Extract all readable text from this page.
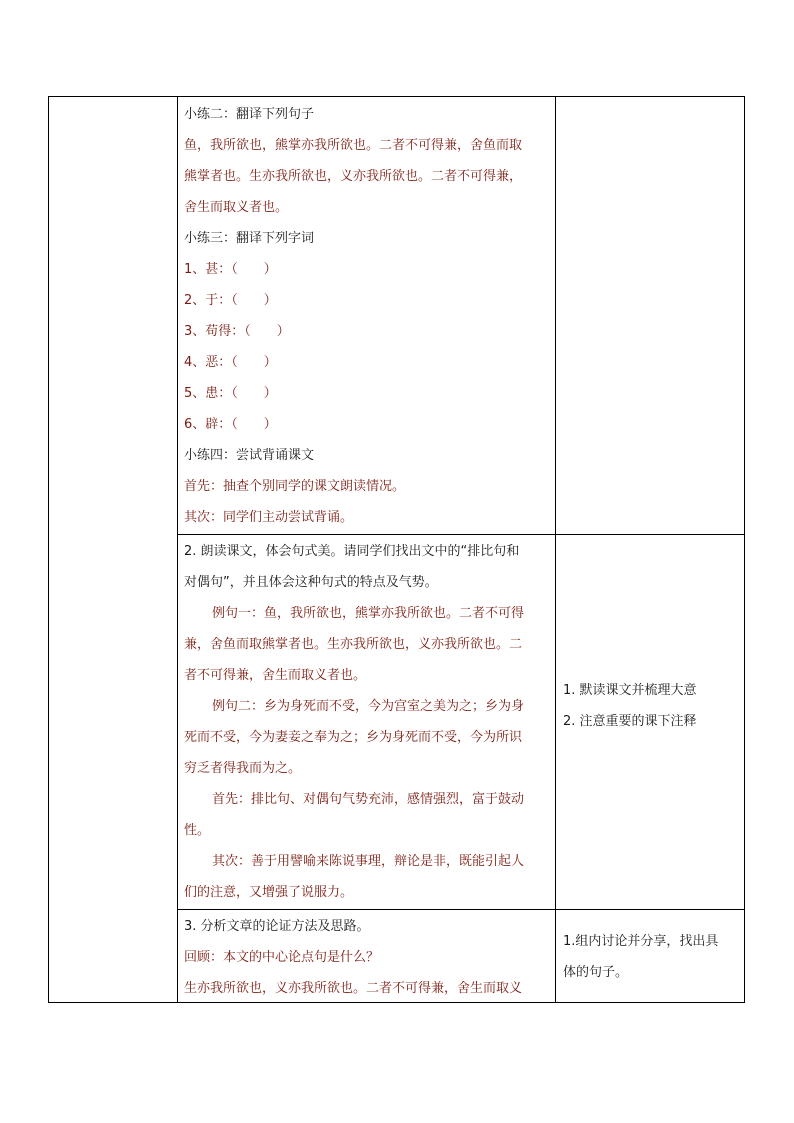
小练二：翻译下列句子
鱼，我所欲也，熊掌亦我所欲也。二者不可得兼，舍鱼而取
熊掌者也。生亦我所欲也，义亦我所欲也。二者不可得兼，
舍生而取义者也。
小练三：翻译下列字词
1、甚：（　　）
2、于：（　　）
3、苟得：（　　）
4、恶：（　　）
5、患：（　　）
6、辟：（　　）
小练四：尝试背诵课文
首先：抽查个别同学的课文朗读情况。
其次：同学们主动尝试背诵。
2. 朗读课文，体会句式美。请同学们找出文中的“排比句和
对偶句”，并且体会这种句式的特点及气势。
例句一：鱼，我所欲也，熊掌亦我所欲也。二者不可得
兼，舍鱼而取熊掌者也。生亦我所欲也，义亦我所欲也。二
者不可得兼，舍生而取义者也。
例句二：乡为身死而不受，今为宫室之美为之；乡为身
死而不受，今为妻妾之奉为之；乡为身死而不受，今为所识
穷乏者得我而为之。
首先：排比句、对偶句气势充沛，感情强烈，富于鼓动
性。
其次：善于用譬喻来陈说事理，辩论是非，既能引起人
们的注意，又增强了说服力。
1. 默读课文并梳理大意
2. 注意重要的课下注释
3. 分析文章的论证方法及思路。
回顾：本文的中心论点句是什么？
生亦我所欲也，义亦我所欲也。二者不可得兼，舍生而取义
1.组内讨论并分享，找出具
体的句子。
